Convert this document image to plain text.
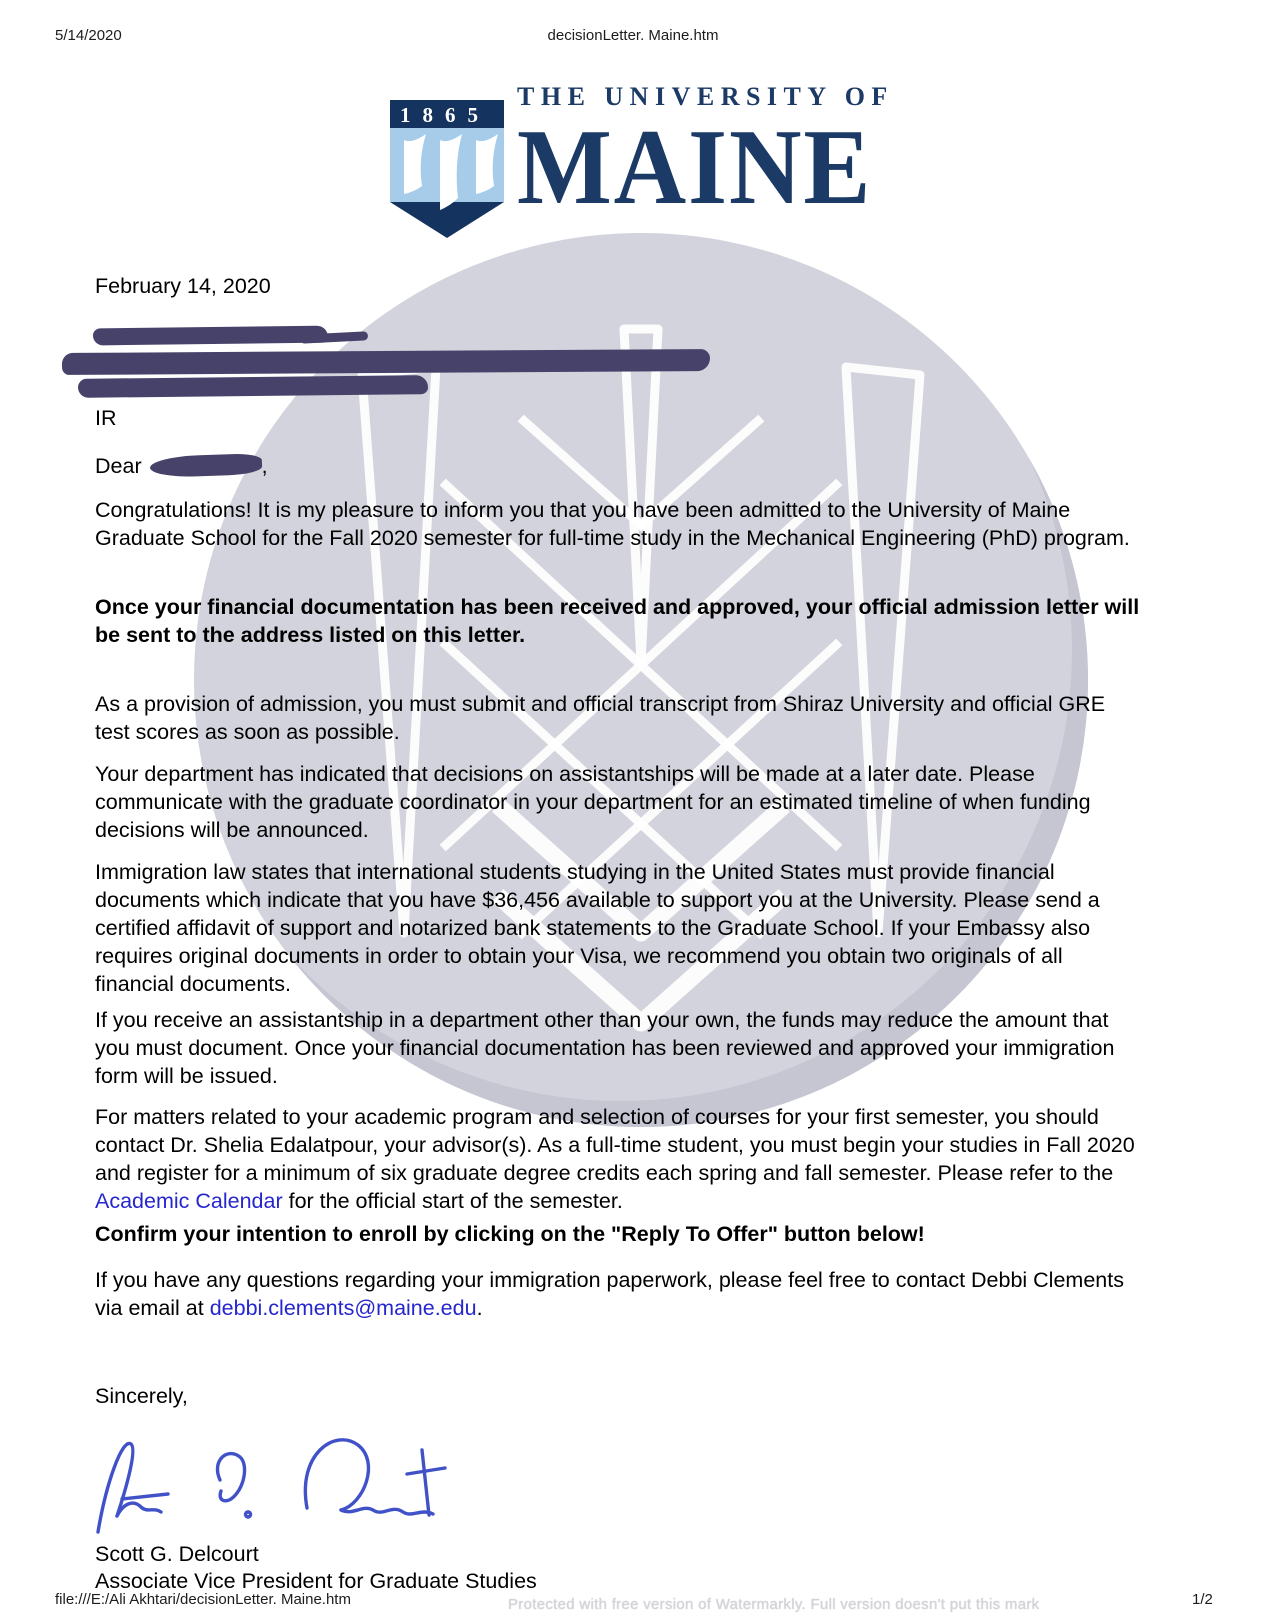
5/14/2020	decisionLetter. Maine.htm
1865
THE UNIVERSITY OF
MAINE
February 14, 2020
IR
Dear	,
Congratulations! It is my pleasure to inform you that you have been admitted to the University of Maine Graduate School for the Fall 2020 semester for full-time study in the Mechanical Engineering (PhD) program.
Once your financial documentation has been received and approved, your official admission letter will be sent to the address listed on this letter.
As a provision of admission, you must submit and official transcript from Shiraz University and official GRE test scores as soon as possible.
Your department has indicated that decisions on assistantships will be made at a later date. Please communicate with the graduate coordinator in your department for an estimated timeline of when funding decisions will be announced.
Immigration law states that international students studying in the United States must provide financial documents which indicate that you have $36,456 available to support you at the University. Please send a certified affidavit of support and notarized bank statements to the Graduate School. If your Embassy also requires original documents in order to obtain your Visa, we recommend you obtain two originals of all financial documents.
If you receive an assistantship in a department other than your own, the funds may reduce the amount that you must document. Once your financial documentation has been reviewed and approved your immigration form will be issued.
For matters related to your academic program and selection of courses for your first semester, you should contact Dr. Shelia Edalatpour, your advisor(s). As a full-time student, you must begin your studies in Fall 2020 and register for a minimum of six graduate degree credits each spring and fall semester. Please refer to the Academic Calendar for the official start of the semester.
Confirm your intention to enroll by clicking on the "Reply To Offer" button below!
If you have any questions regarding your immigration paperwork, please feel free to contact Debbi Clements via email at debbi.clements@maine.edu.
Sincerely,
Scott G. Delcourt
Associate Vice President for Graduate Studies
file:///E:/Ali Akhtari/decisionLetter. Maine.htm	Protected with free version of Watermarkly. Full version doesn't put this mark	1/2
